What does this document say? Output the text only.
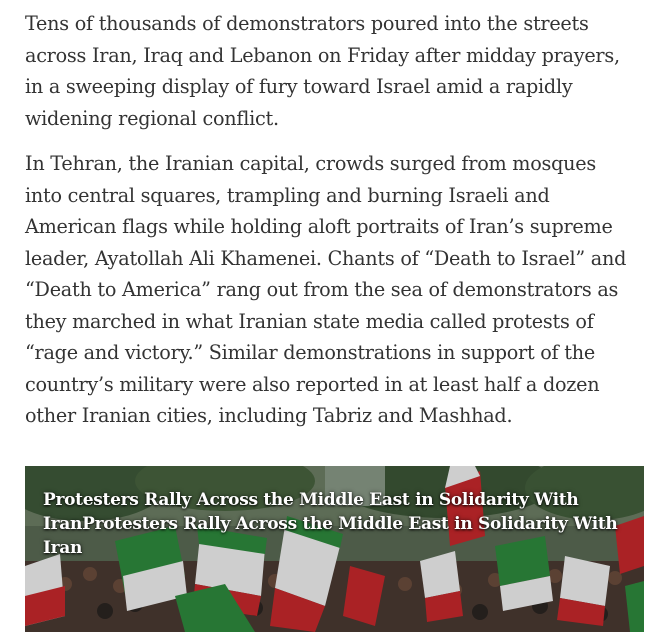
Tens of thousands of demonstrators poured into the streets across Iran, Iraq and Lebanon on Friday after midday prayers, in a sweeping display of fury toward Israel amid a rapidly widening regional conflict.

In Tehran, the Iranian capital, crowds surged from mosques into central squares, trampling and burning Israeli and American flags while holding aloft portraits of Iran’s supreme leader, Ayatollah Ali Khamenei. Chants of “Death to Israel” and “Death to America” rang out from the sea of demonstrators as they marched in what Iranian state media called protests of “rage and victory.” Similar demonstrations in support of the country’s military were also reported in at least half a dozen other Iranian cities, including Tabriz and Mashhad.

Protesters Rally Across the Middle East in Solidarity With
IranProtesters Rally Across the Middle East in Solidarity With
Iran
